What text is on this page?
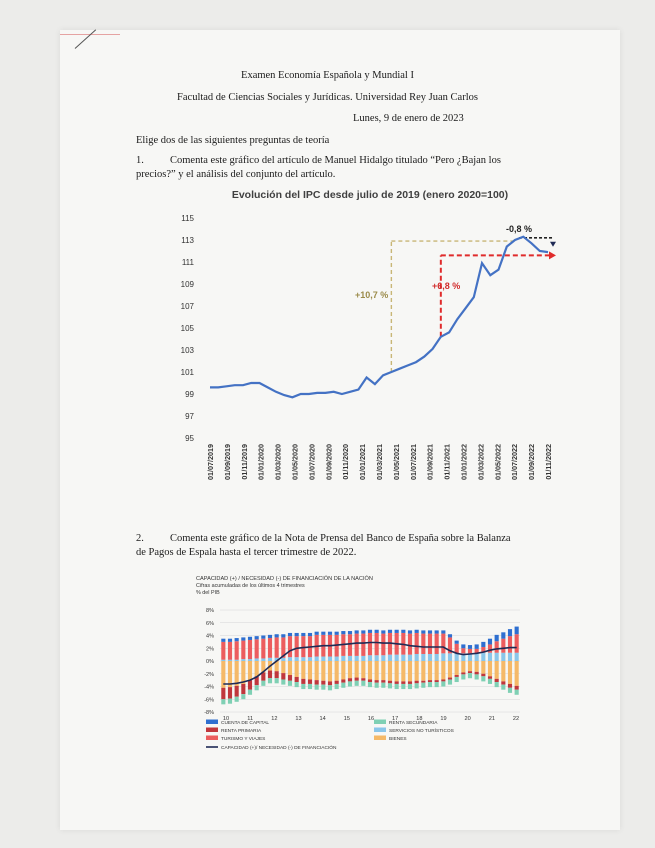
Examen Economía Española y Mundial I
Facultad de Ciencias Sociales y Jurídicas. Universidad Rey Juan Carlos
Lunes, 9 de enero de 2023
Elige dos de las siguientes preguntas de teoría
1. Comenta este gráfico del artículo de Manuel Hidalgo titulado “Pero ¿Bajan los
precios?” y el análisis del conjunto del artículo.
Evolución del IPC desde julio de 2019 (enero 2020=100)
115
113
111
109
107
105
103
101
99
97
95
01/07/2019 01/09/2019 01/11/2019 01/01/2020 01/03/2020 01/05/2020 01/07/2020 01/09/2020 01/11/2020 01/01/2021 01/03/2021 01/05/2021 01/07/2021 01/09/2021 01/11/2021 01/01/2022 01/03/2022 01/05/2022 01/07/2022 01/09/2022 01/11/2022
+10,7 %
+6,8 %
-0,8 %
2. Comenta este gráfico de la Nota de Prensa del Banco de España sobre la Balanza
de Pagos de Espala hasta el tercer trimestre de 2022.
CAPACIDAD (+) / NECESIDAD (-) DE FINANCIACIÓN DE LA NACIÓN
Cifras acumuladas de los últimos 4 trimestres
% del PIB
8%
6%
4%
2%
0%
-2%
-4%
-6%
-8%
10	11	12	13	14	15	16	17	18	19	20	21	22
CUENTA DE CAPITAL	RENTA SECUNDARIA
RENTA PRIMARIA	SERVICIOS NO TURÍSTICOS
TURISMO Y VIAJES	BIENES
CAPACIDAD (+)/ NECESIDAD (-) DE FINANCIACIÓN
